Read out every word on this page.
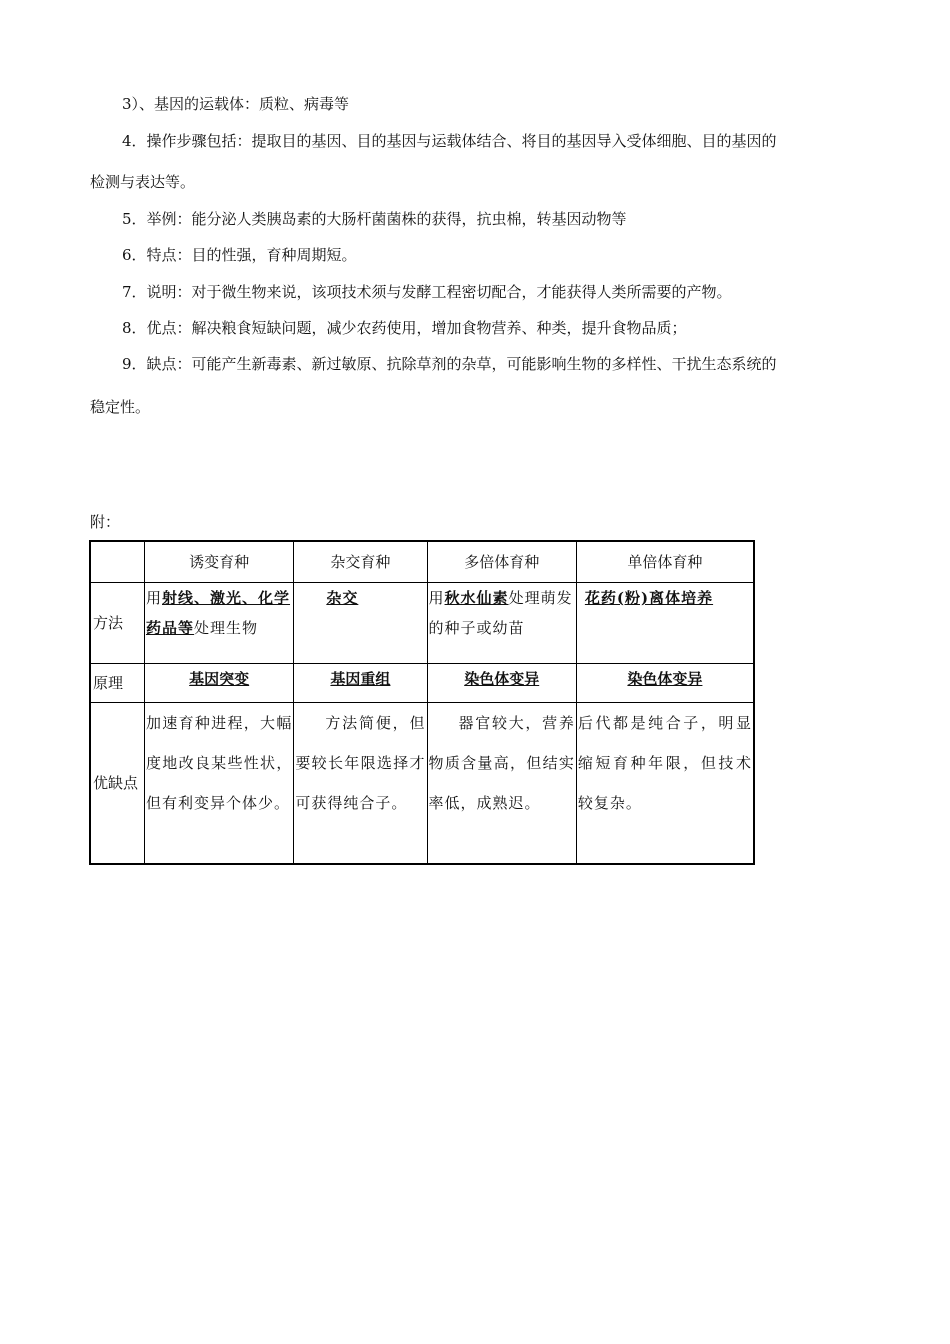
3）、基因的运载体：质粒、病毒等
4．操作步骤包括：提取目的基因、目的基因与运载体结合、将目的基因导入受体细胞、目的基因的
检测与表达等。
5．举例：能分泌人类胰岛素的大肠杆菌菌株的获得，抗虫棉，转基因动物等
6．特点：目的性强，育种周期短。
7．说明：对于微生物来说，该项技术须与发酵工程密切配合，才能获得人类所需要的产物。
8．优点：解决粮食短缺问题，减少农药使用，增加食物营养、种类，提升食物品质；
9．缺点：可能产生新毒素、新过敏原、抗除草剂的杂草，可能影响生物的多样性、干扰生态系统的
稳定性。
附：
	诱变育种	杂交育种	多倍体育种	单倍体育种
方法	用射线、激光、化学药品等处理生物	杂交	用秋水仙素处理萌发的种子或幼苗	花药(粉)离体培养

原理	基因突变	基因重组	染色体变异	染色体变异
优缺点	加速育种进程，大幅度地改良某些性状，但有利变异个体少。	方法简便，但要较长年限选择才可获得纯合子。	器官较大，营养物质含量高，但结实率低，成熟迟。	后代都是纯合子，明显缩短育种年限，但技术较复杂。
